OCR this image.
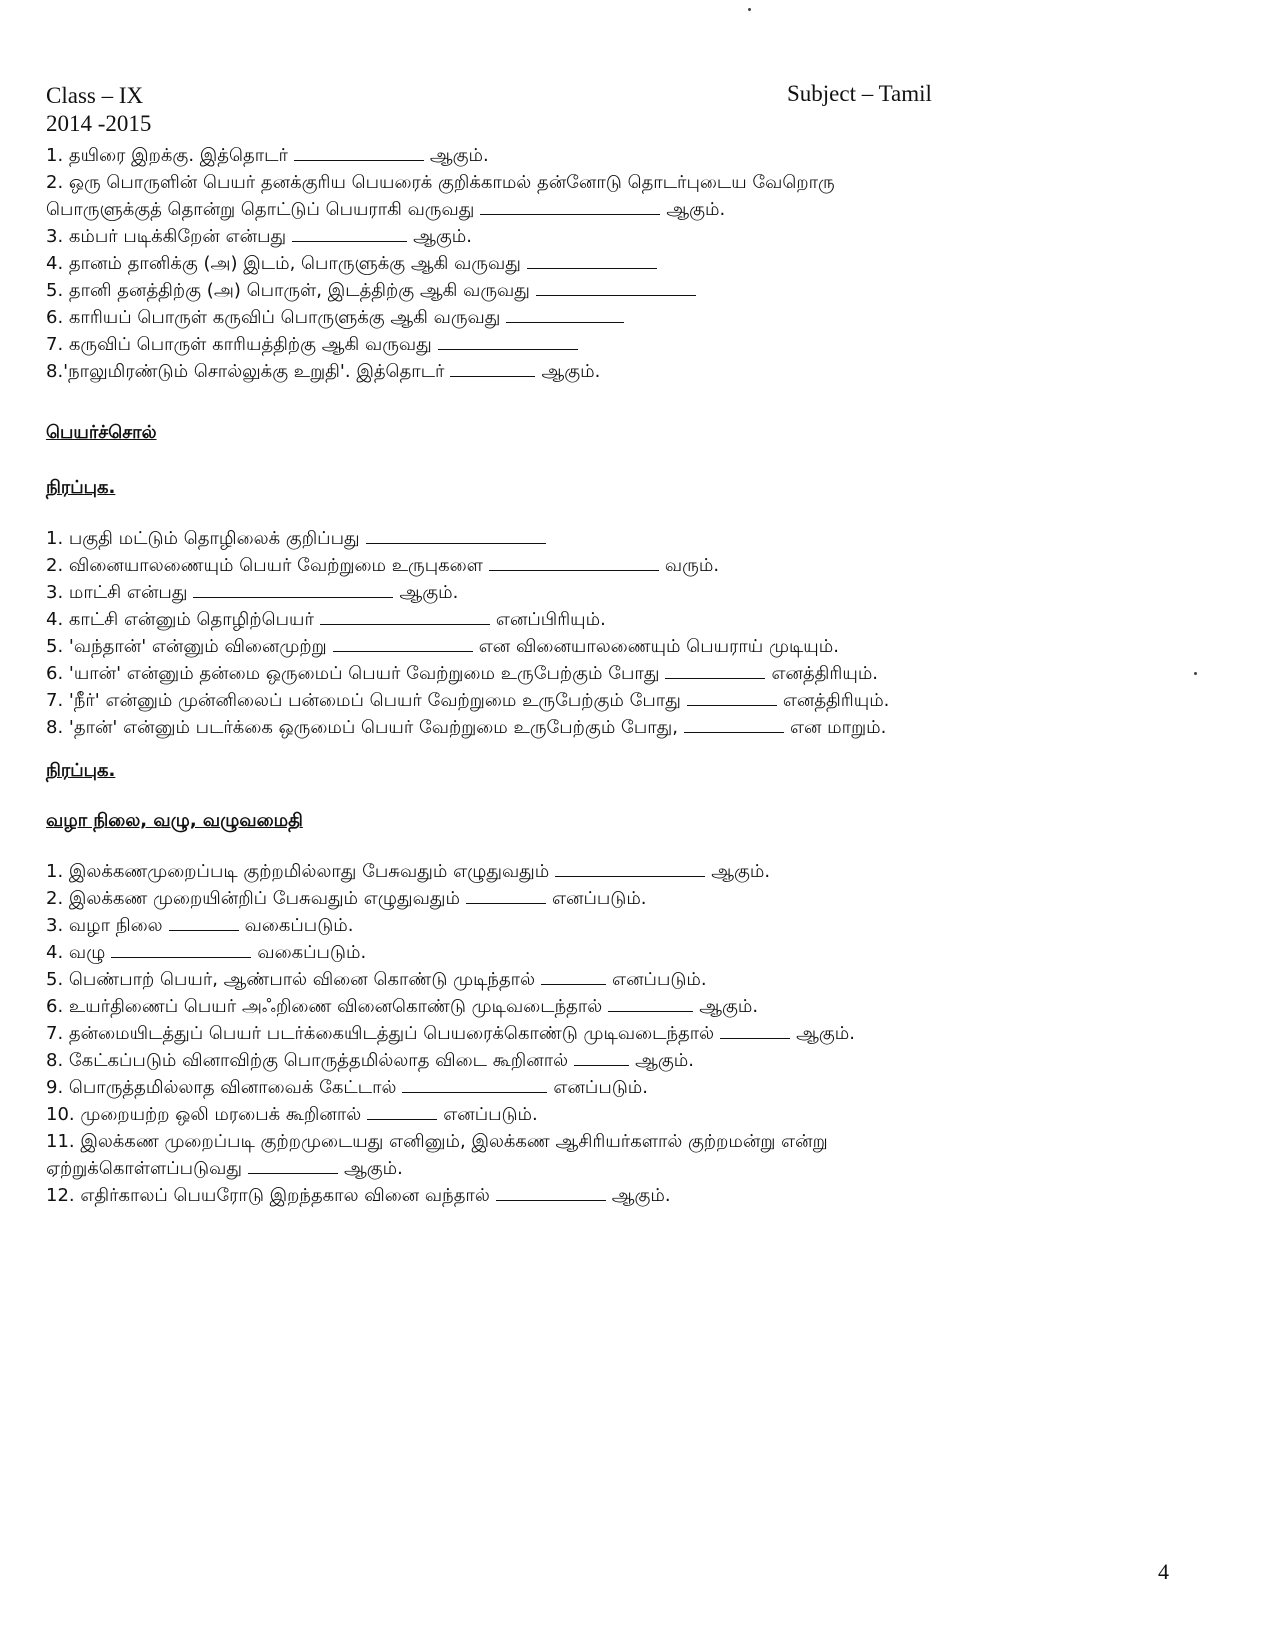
Class – IX
2014 -2015
Subject – Tamil
1. தயிரை இறக்கு. இத்தொடர்	ஆகும்.
2. ஒரு பொருளின் பெயர் தனக்குரிய பெயரைக் குறிக்காமல் தன்னோடு தொடர்புடைய வேறொரு
பொருளுக்குத் தொன்று தொட்டுப் பெயராகி வருவது	ஆகும்.
3. கம்பர் படிக்கிறேன் என்பது	ஆகும்.
4. தானம் தானிக்கு (அ) இடம், பொருளுக்கு ஆகி வருவது
5. தானி தனத்திற்கு (அ) பொருள், இடத்திற்கு ஆகி வருவது
6. காரியப் பொருள் கருவிப் பொருளுக்கு ஆகி வருவது
7. கருவிப் பொருள் காரியத்திற்கு ஆகி வருவது
8.'நாலுமிரண்டும் சொல்லுக்கு உறுதி'. இத்தொடர்	ஆகும்.
பெயர்ச்சொல்
நிரப்புக.
1. பகுதி மட்டும் தொழிலைக் குறிப்பது
2. வினையாலணையும் பெயர் வேற்றுமை உருபுகளை	வரும்.
3. மாட்சி என்பது	ஆகும்.
4. காட்சி என்னும் தொழிற்பெயர்	எனப்பிரியும்.
5. 'வந்தான்' என்னும் வினைமுற்று	என வினையாலணையும் பெயராய் முடியும்.
6. 'யான்' என்னும் தன்மை ஒருமைப் பெயர் வேற்றுமை உருபேற்கும் போது	எனத்திரியும்.
7. 'நீர்' என்னும் முன்னிலைப் பன்மைப் பெயர் வேற்றுமை உருபேற்கும் போது	எனத்திரியும்.
8. 'தான்' என்னும் படர்க்கை ஒருமைப் பெயர் வேற்றுமை உருபேற்கும் போது,	என மாறும்.
நிரப்புக.
வழா நிலை, வழு, வழுவமைதி
1. இலக்கணமுறைப்படி குற்றமில்லாது பேசுவதும் எழுதுவதும்	ஆகும்.
2. இலக்கண முறையின்றிப் பேசுவதும் எழுதுவதும்	எனப்படும்.
3. வழா நிலை	வகைப்படும்.
4. வழு	வகைப்படும்.
5. பெண்பாற் பெயர், ஆண்பால் வினை கொண்டு முடிந்தால்	எனப்படும்.
6. உயர்திணைப் பெயர் அஃறிணை வினைகொண்டு முடிவடைந்தால்	ஆகும்.
7. தன்மையிடத்துப் பெயர் படர்க்கையிடத்துப் பெயரைக்கொண்டு முடிவடைந்தால்	ஆகும்.
8. கேட்கப்படும் வினாவிற்கு பொருத்தமில்லாத விடை கூறினால்	ஆகும்.
9. பொருத்தமில்லாத வினாவைக் கேட்டால்	எனப்படும்.
10. முறையற்ற ஒலி மரபைக் கூறினால்	எனப்படும்.
11. இலக்கண முறைப்படி குற்றமுடையது எனினும், இலக்கண ஆசிரியர்களால் குற்றமன்று என்று
ஏற்றுக்கொள்ளப்படுவது	ஆகும்.
12. எதிர்காலப் பெயரோடு இறந்தகால வினை வந்தால்	ஆகும்.
4
